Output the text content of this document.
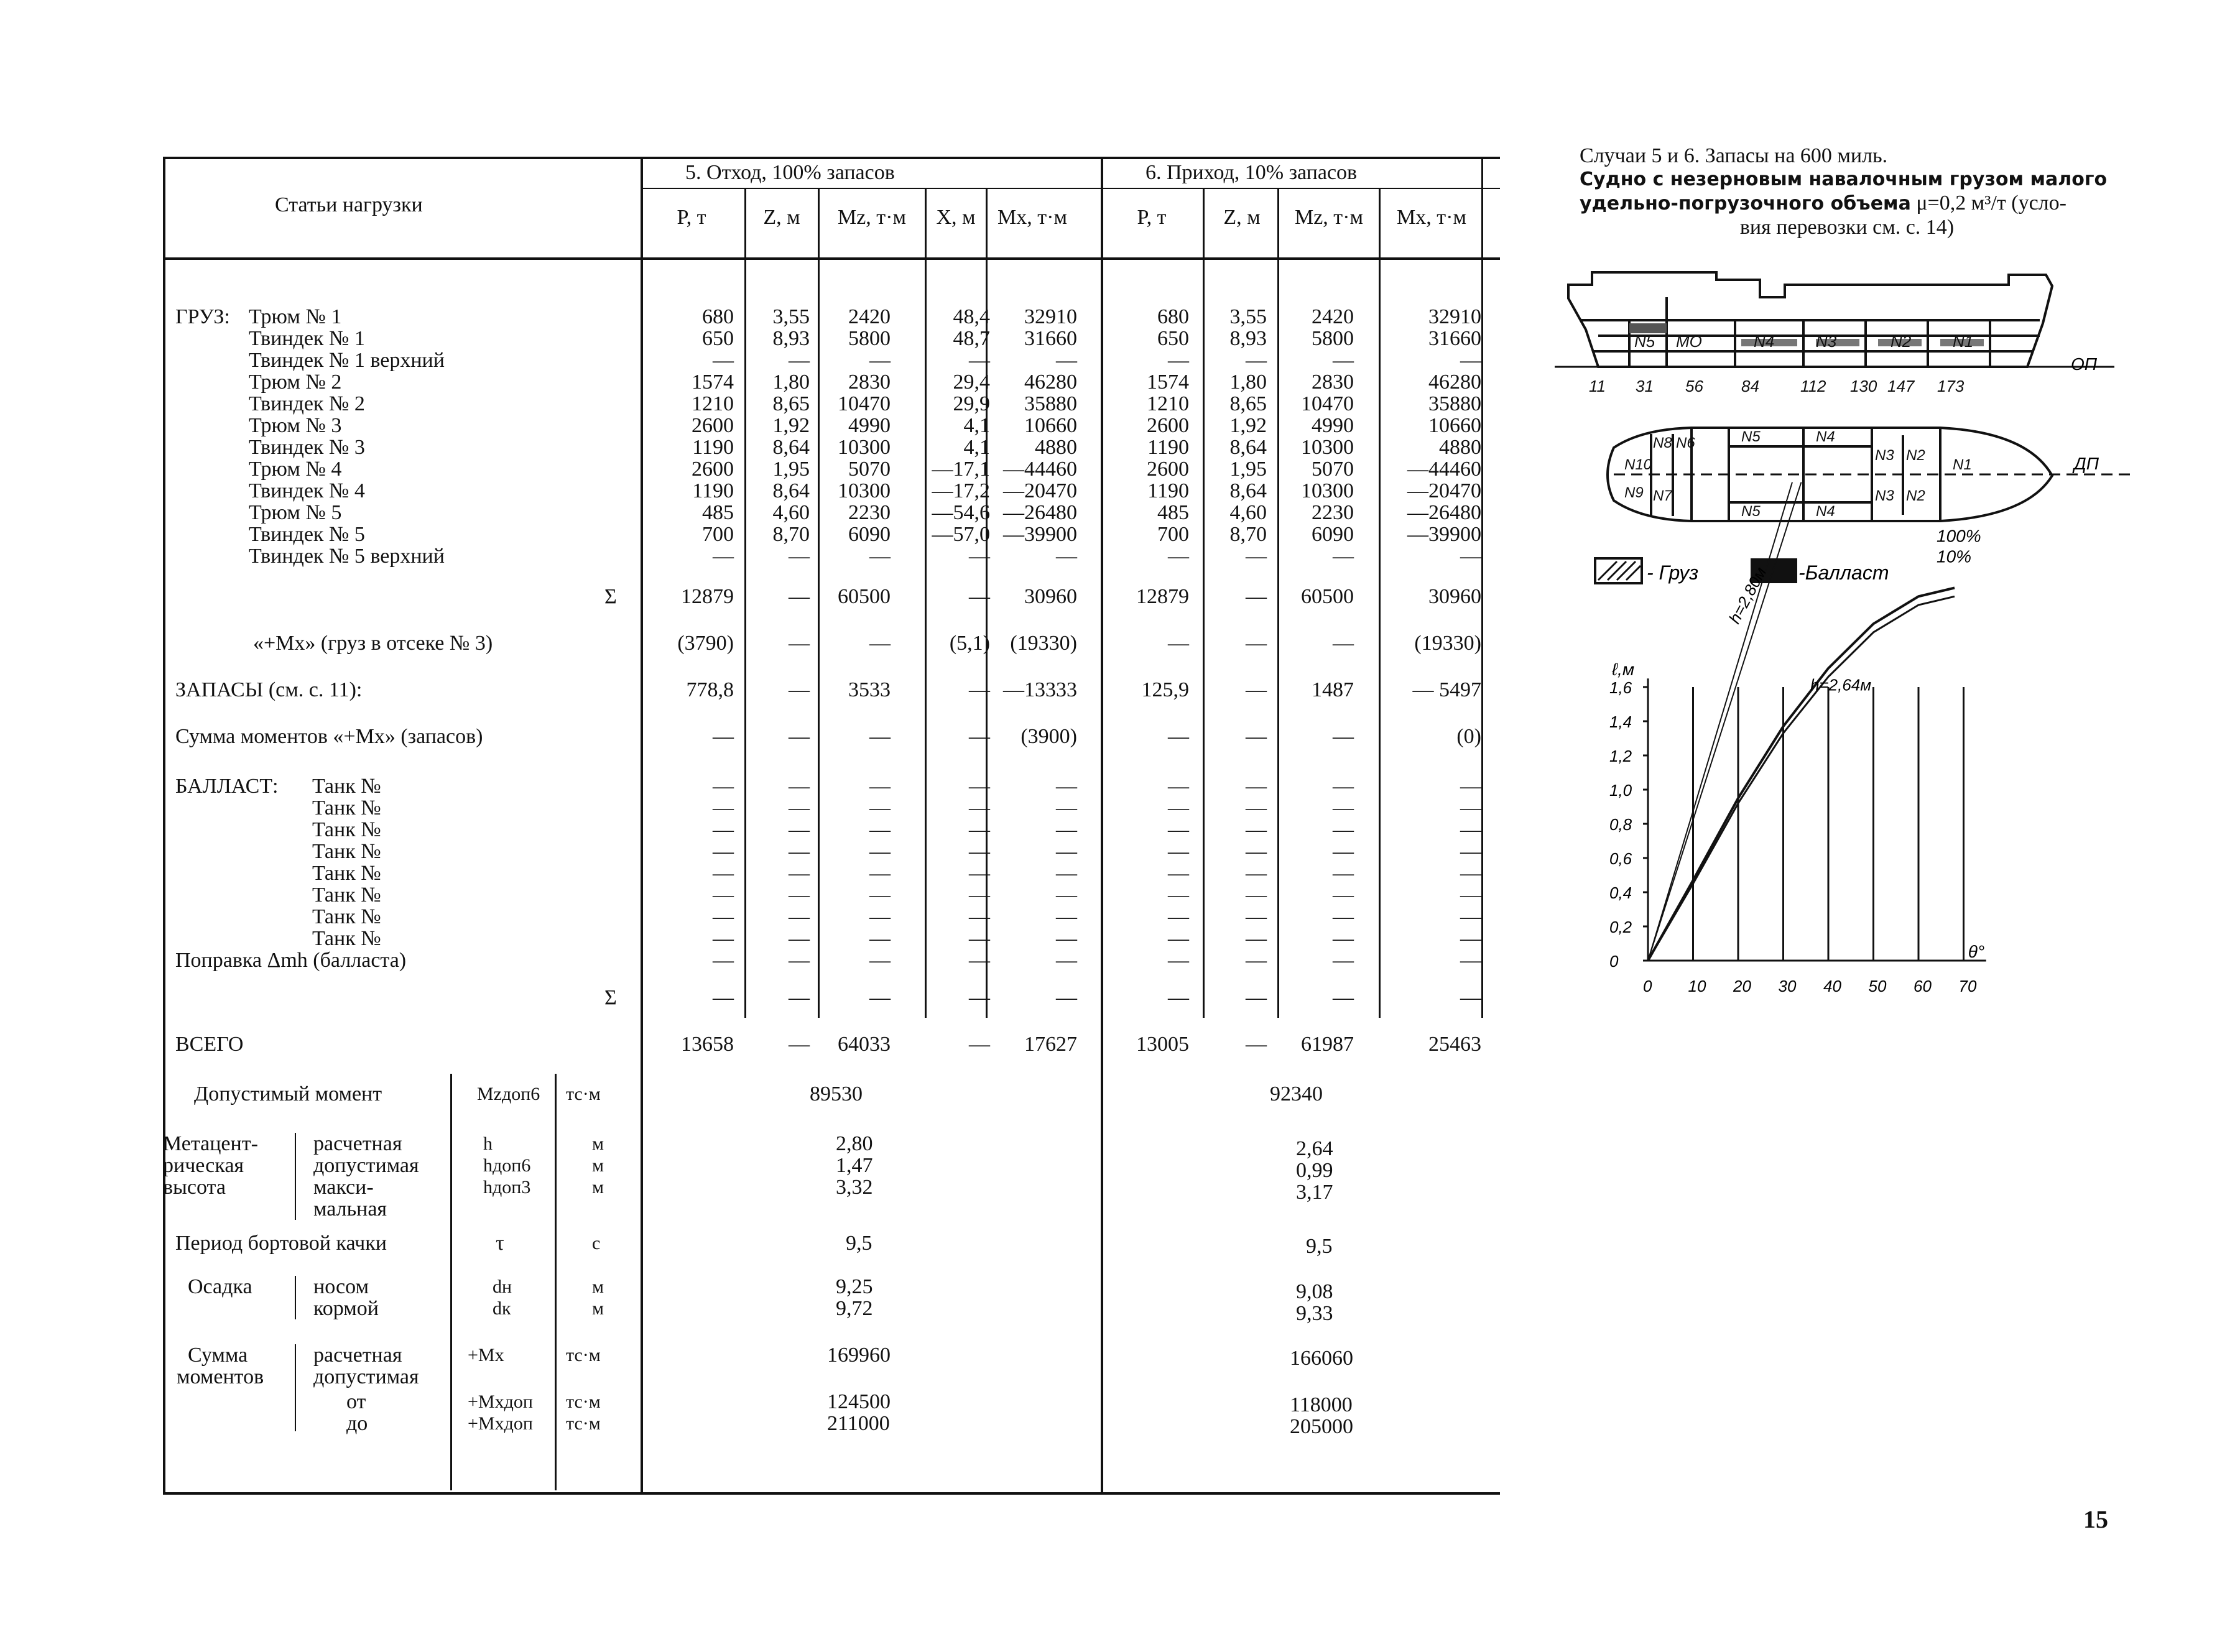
Статьи нагрузки
5. Отход, 100% запасов	6. Приход, 10% запасов
P, т	Z, м	Mz, т·м	X, м	Mx, т·м	P, т	Z, м	Mz, т·м	Mx, т·м
ГРУЗ: Трюм № 1	680	3,55	2420	48,4	32910	680	3,55	2420	32910
Твиндек № 1	650	8,93	5800	48,7	31660	650	8,93	5800	31660
Твиндек № 1 верхний	—	—	—	—	—	—	—	—	—
Трюм № 2	1574	1,80	2830	29,4	46280	1574	1,80	2830	46280
Твиндек № 2	1210	8,65	10470	29,9	35880	1210	8,65	10470	35880
Трюм № 3	2600	1,92	4990	4,1	10660	2600	1,92	4990	10660
Твиндек № 3	1190	8,64	10300	4,1	4880	1190	8,64	10300	4880
Трюм № 4	2600	1,95	5070	—17,1 —44460	2600	1,95	5070	—44460
Твиндек № 4	1190	8,64	10300	—17,2 —20470	1190	8,64	10300	—20470
Трюм № 5	485	4,60	2230	—54,6 —26480	485	4,60	2230	—26480
Твиндек № 5	700	8,70	6090	—57,0 —39900	700	8,70	6090	—39900
Твиндек № 5 верхний	—	—	—	—	—	—	—	—	—
Σ	12879	—	60500	—	30960	12879	—	60500	30960
«+Mx» (груз в отсеке № 3)	(3790)	—	—	(5,1) (19330)	—	—	—	(19330)
ЗАПАСЫ (см. с. 11):	778,8	—	3533	— —13333	125,9	—	1487	— 5497
Сумма моментов «+Mx» (запасов)	—	—	—	—	(3900)	—	—	—	(0)
БАЛЛАСТ: Танк №	—	—	—	—	—	—	—	—	—
Танк №	—	—	—	—	—	—	—	—	—
Танк №	—	—	—	—	—	—	—	—	—
Танк №	—	—	—	—	—	—	—	—	—
Танк №	—	—	—	—	—	—	—	—	—
Танк №	—	—	—	—	—	—	—	—	—
Танк №	—	—	—	—	—	—	—	—	—
Танк №	—	—	—	—	—	—	—	—	—
Поправка Δmh (балласта)	—	—	—	—	—	—	—	—	—
Σ	—	—	—	—	—	—	—	—	—
ВСЕГО	13658	—	64033	—	17627	13005	—	61987	25463
Допустимый момент	Mzдоп6 тс·м	89530	92340
Метацент-
рическая
высота
расчетная	h	м	2,80	2,64
допустимая	hдоп6	м	1,47	0,99
макси-	hдоп3	м	3,32	3,17
мальная
Период бортовой качки	τ	с	9,5	9,5
Осадка	носом	dн	м	9,25	9,08
кормой	dк	м	9,72	9,33
Сумма
моментов
расчетная	+Mx	тс·м	169960	166060
допустимая
от	+Mxдоп тс·м	124500	118000
до	+Mxдоп тс·м	211000	205000
Случаи 5 и 6. Запасы на 600 миль.
Судно с незерновым навалочным грузом малого
удельно-погрузочного объема μ=0,2 м³/т (усло-
вия перевозки см. с. 14)
N5 МО	N4	N3	N2	N1
11 31 56 84	112 130 147 173
ОП
N10
N8 N6	N5	N4
N3 N2
N1
N9 N7
N5	N4
N3 N2
ДП
- Груз	-Балласт
0 10 20 30 40 50 60 70
0
0,2
0,4
0,6
0,8
1,0
1,2
1,4
1,6
ℓ,м
θ°
h=2,80м
h=2,64м
100%
10%
15
